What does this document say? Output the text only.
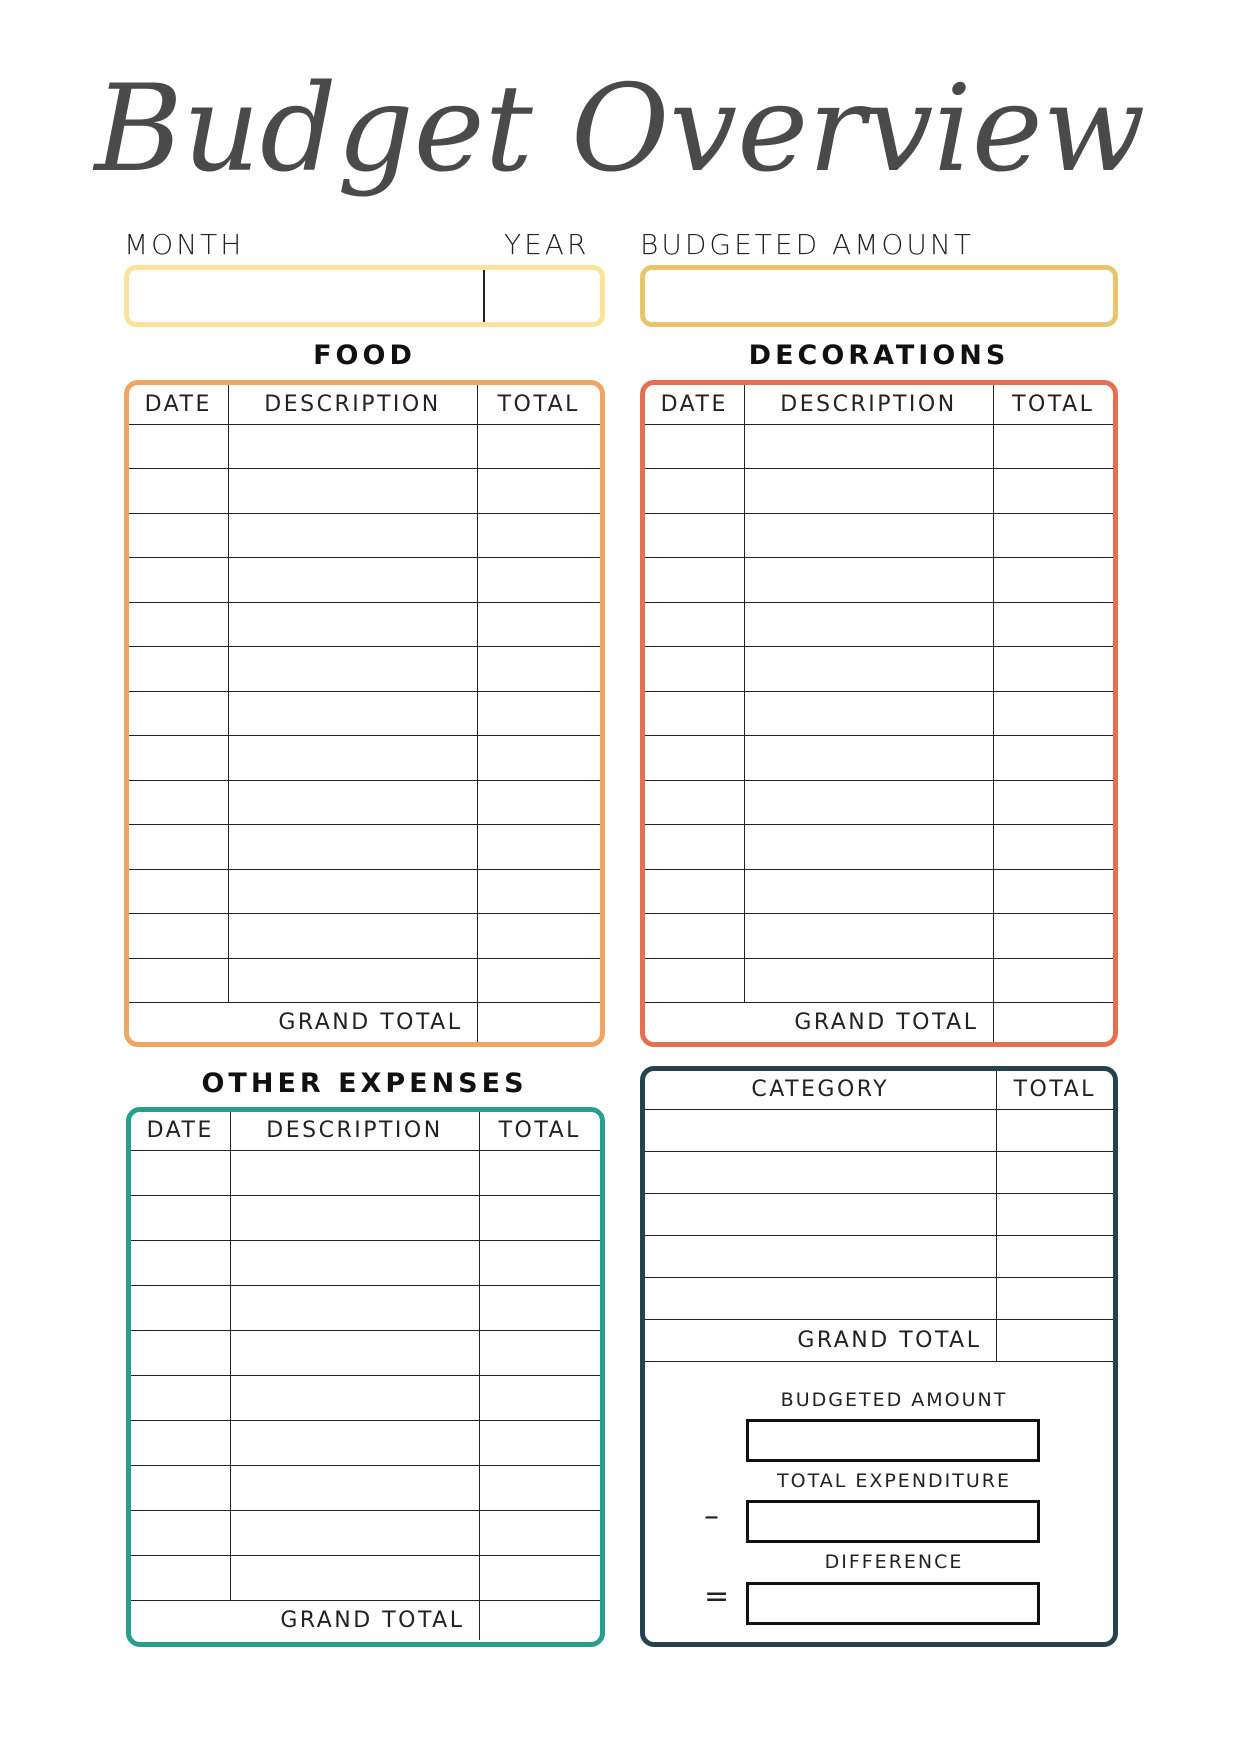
Budget Overview
MONTH	YEAR BUDGETED AMOUNT
FOOD
DATE	DESCRIPTION	TOTAL

GRAND TOTAL		
DECORATIONS
DATE	DESCRIPTION	TOTAL

GRAND TOTAL		
OTHER EXPENSES
DATE	DESCRIPTION	TOTAL

GRAND TOTAL		
CATEGORY	TOTAL

GRAND TOTAL	
BUDGETED AMOUNT
TOTAL EXPENDITURE
–
DIFFERENCE
=
